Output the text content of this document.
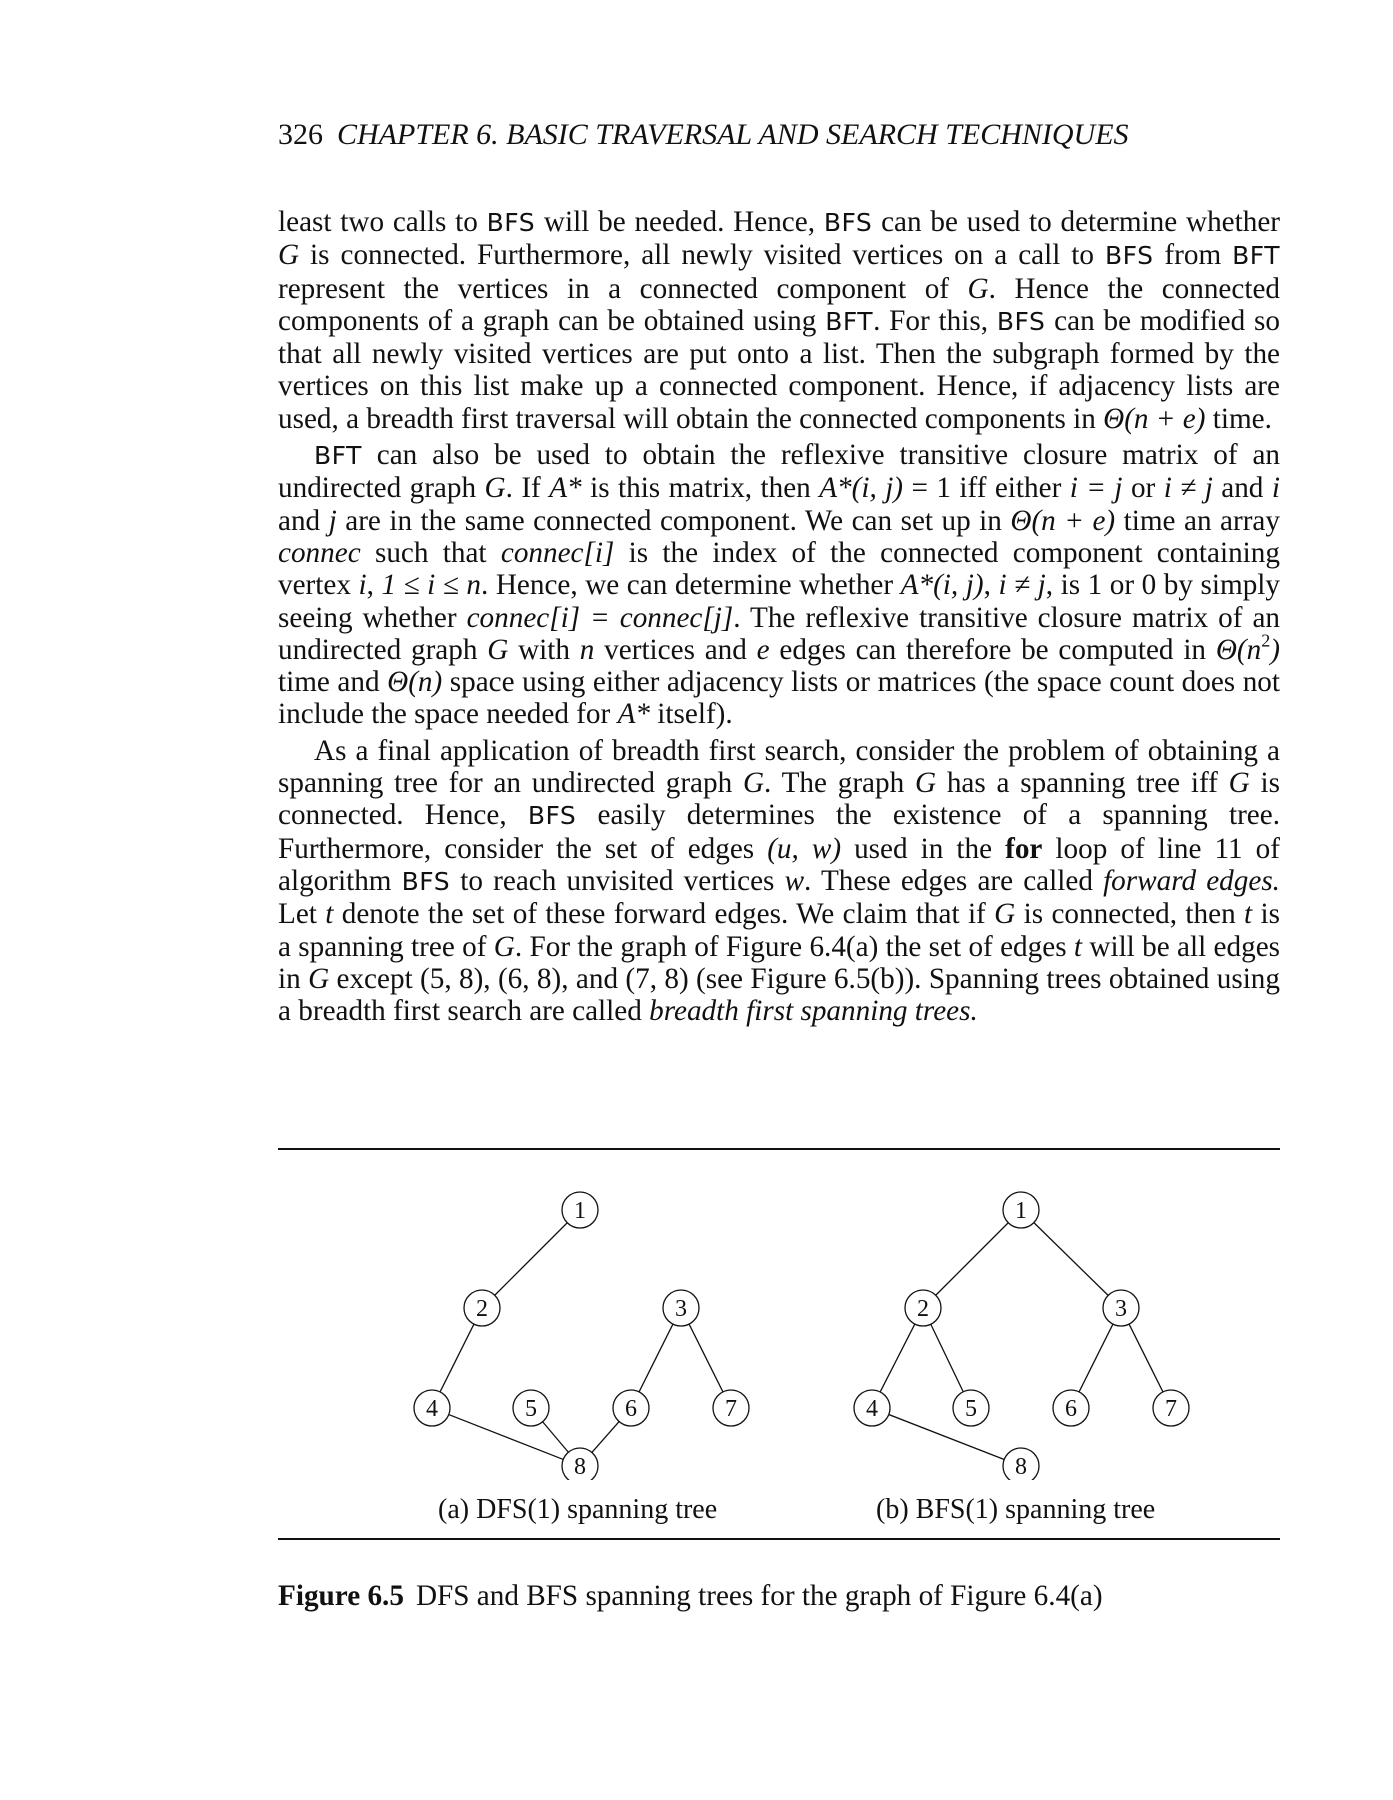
326 CHAPTER 6. BASIC TRAVERSAL AND SEARCH TECHNIQUES

least two calls to BFS will be needed. Hence, BFS can be used to determine whether G is connected. Furthermore, all newly visited vertices on a call to BFS from BFT represent the vertices in a connected component of G. Hence the connected components of a graph can be obtained using BFT. For this, BFS can be modified so that all newly visited vertices are put onto a list. Then the subgraph formed by the vertices on this list make up a connected component. Hence, if adjacency lists are used, a breadth first traversal will obtain the connected components in Θ(n + e) time.

BFT can also be used to obtain the reflexive transitive closure matrix of an undirected graph G. If A* is this matrix, then A*(i, j) = 1 iff either i = j or i ≠ j and i and j are in the same connected component. We can set up in Θ(n + e) time an array connec such that connec[i] is the index of the connected component containing vertex i, 1 ≤ i ≤ n. Hence, we can determine whether A*(i, j), i ≠ j, is 1 or 0 by simply seeing whether connec[i] = connec[j]. The reflexive transitive closure matrix of an undirected graph G with n vertices and e edges can therefore be computed in $\Theta(n^2)$ time and Θ(n) space using either adjacency lists or matrices (the space count does not include the space needed for A* itself).

As a final application of breadth first search, consider the problem of obtaining a spanning tree for an undirected graph G. The graph G has a spanning tree iff G is connected. Hence, BFS easily determines the existence of a spanning tree. Furthermore, consider the set of edges (u, w) used in the for loop of line 11 of algorithm BFS to reach unvisited vertices w. These edges are called forward edges. Let t denote the set of these forward edges. We claim that if G is connected, then t is a spanning tree of G. For the graph of Figure 6.4(a) the set of edges t will be all edges in G except (5, 8), (6, 8), and (7, 8) (see Figure 6.5(b)). Spanning trees obtained using a breadth first search are called breadth first spanning trees.

1
2	3
4	5	6	7
8
1
2	3
4	5	6	7
8
(a) DFS(1) spanning tree	(b) BFS(1) spanning tree
Figure 6.5 DFS and BFS spanning trees for the graph of Figure 6.4(a)
